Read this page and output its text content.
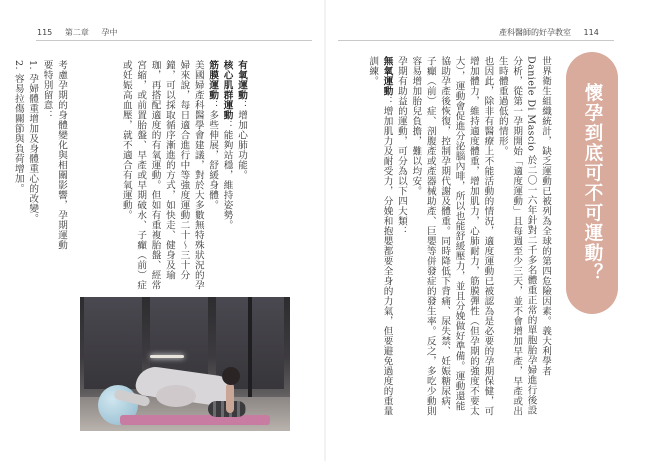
115 第二章 孕中

有氧運動：增加心肺功能。

核心肌群運動：能夠站穩，維持姿勢。

筋膜運動：多些伸展，舒緩身體。

美國婦產科醫學會建議，對於大多數無特殊狀況的孕婦來說，每日適合進行中等強度運動二十～三十分鐘，可以採取循序漸進的方式，如快走、健身及瑜珈，再搭配適度的有氧運動。但如有重複胎盤、經常宮縮，或前置胎盤、早產或早期破水、子癲（前）症或妊娠高血壓，就不適合有氧運動。

考慮孕期的身體變化與相關影響，孕期運動要特別留意：

1. 孕婦體重增加及身體重心的改變。

2. 容易拉傷關節與負荷增加。

產科醫師的好孕教室 114
懷孕到底可不可運動？

世界衛生組織統計，缺乏運動已被列為全球的第四危險因素。義大利學者 Daniele Di Mascio 於二〇一六年針對二千多名體重正常的單胞胎孕婦進行後設分析，從第一孕期開始「適度運動」且每週至少三天，並不會增加早產，早產或出生時體重過低的情形。

也因此，除非有醫療上不能活動的情況，適度運動已被認為是必要的孕期保健，可增加體力，維持適度體重，增加肌力，心肺耐力，筋膜彈性（但孕期的強度不要太大），運動會促進分泌腦內啡，所以也能舒緩壓力，並且分娩做好準備。運動還能協助孕產後恢復，控制孕期代謝及體重。同時降低下背痛、尿失禁、妊娠糖尿病、子癲（前）症、剖腹產或產器械助產、巨嬰等併發症的發生率。反之，多吃少動則容易增加胎兒負擔，難以均安。

孕期有助益的運動，可分為以下四大類：

無氧運動：增加肌力及耐受力，分娩和抱嬰都要全身的力氣，但要避免過度的重量訓練。
